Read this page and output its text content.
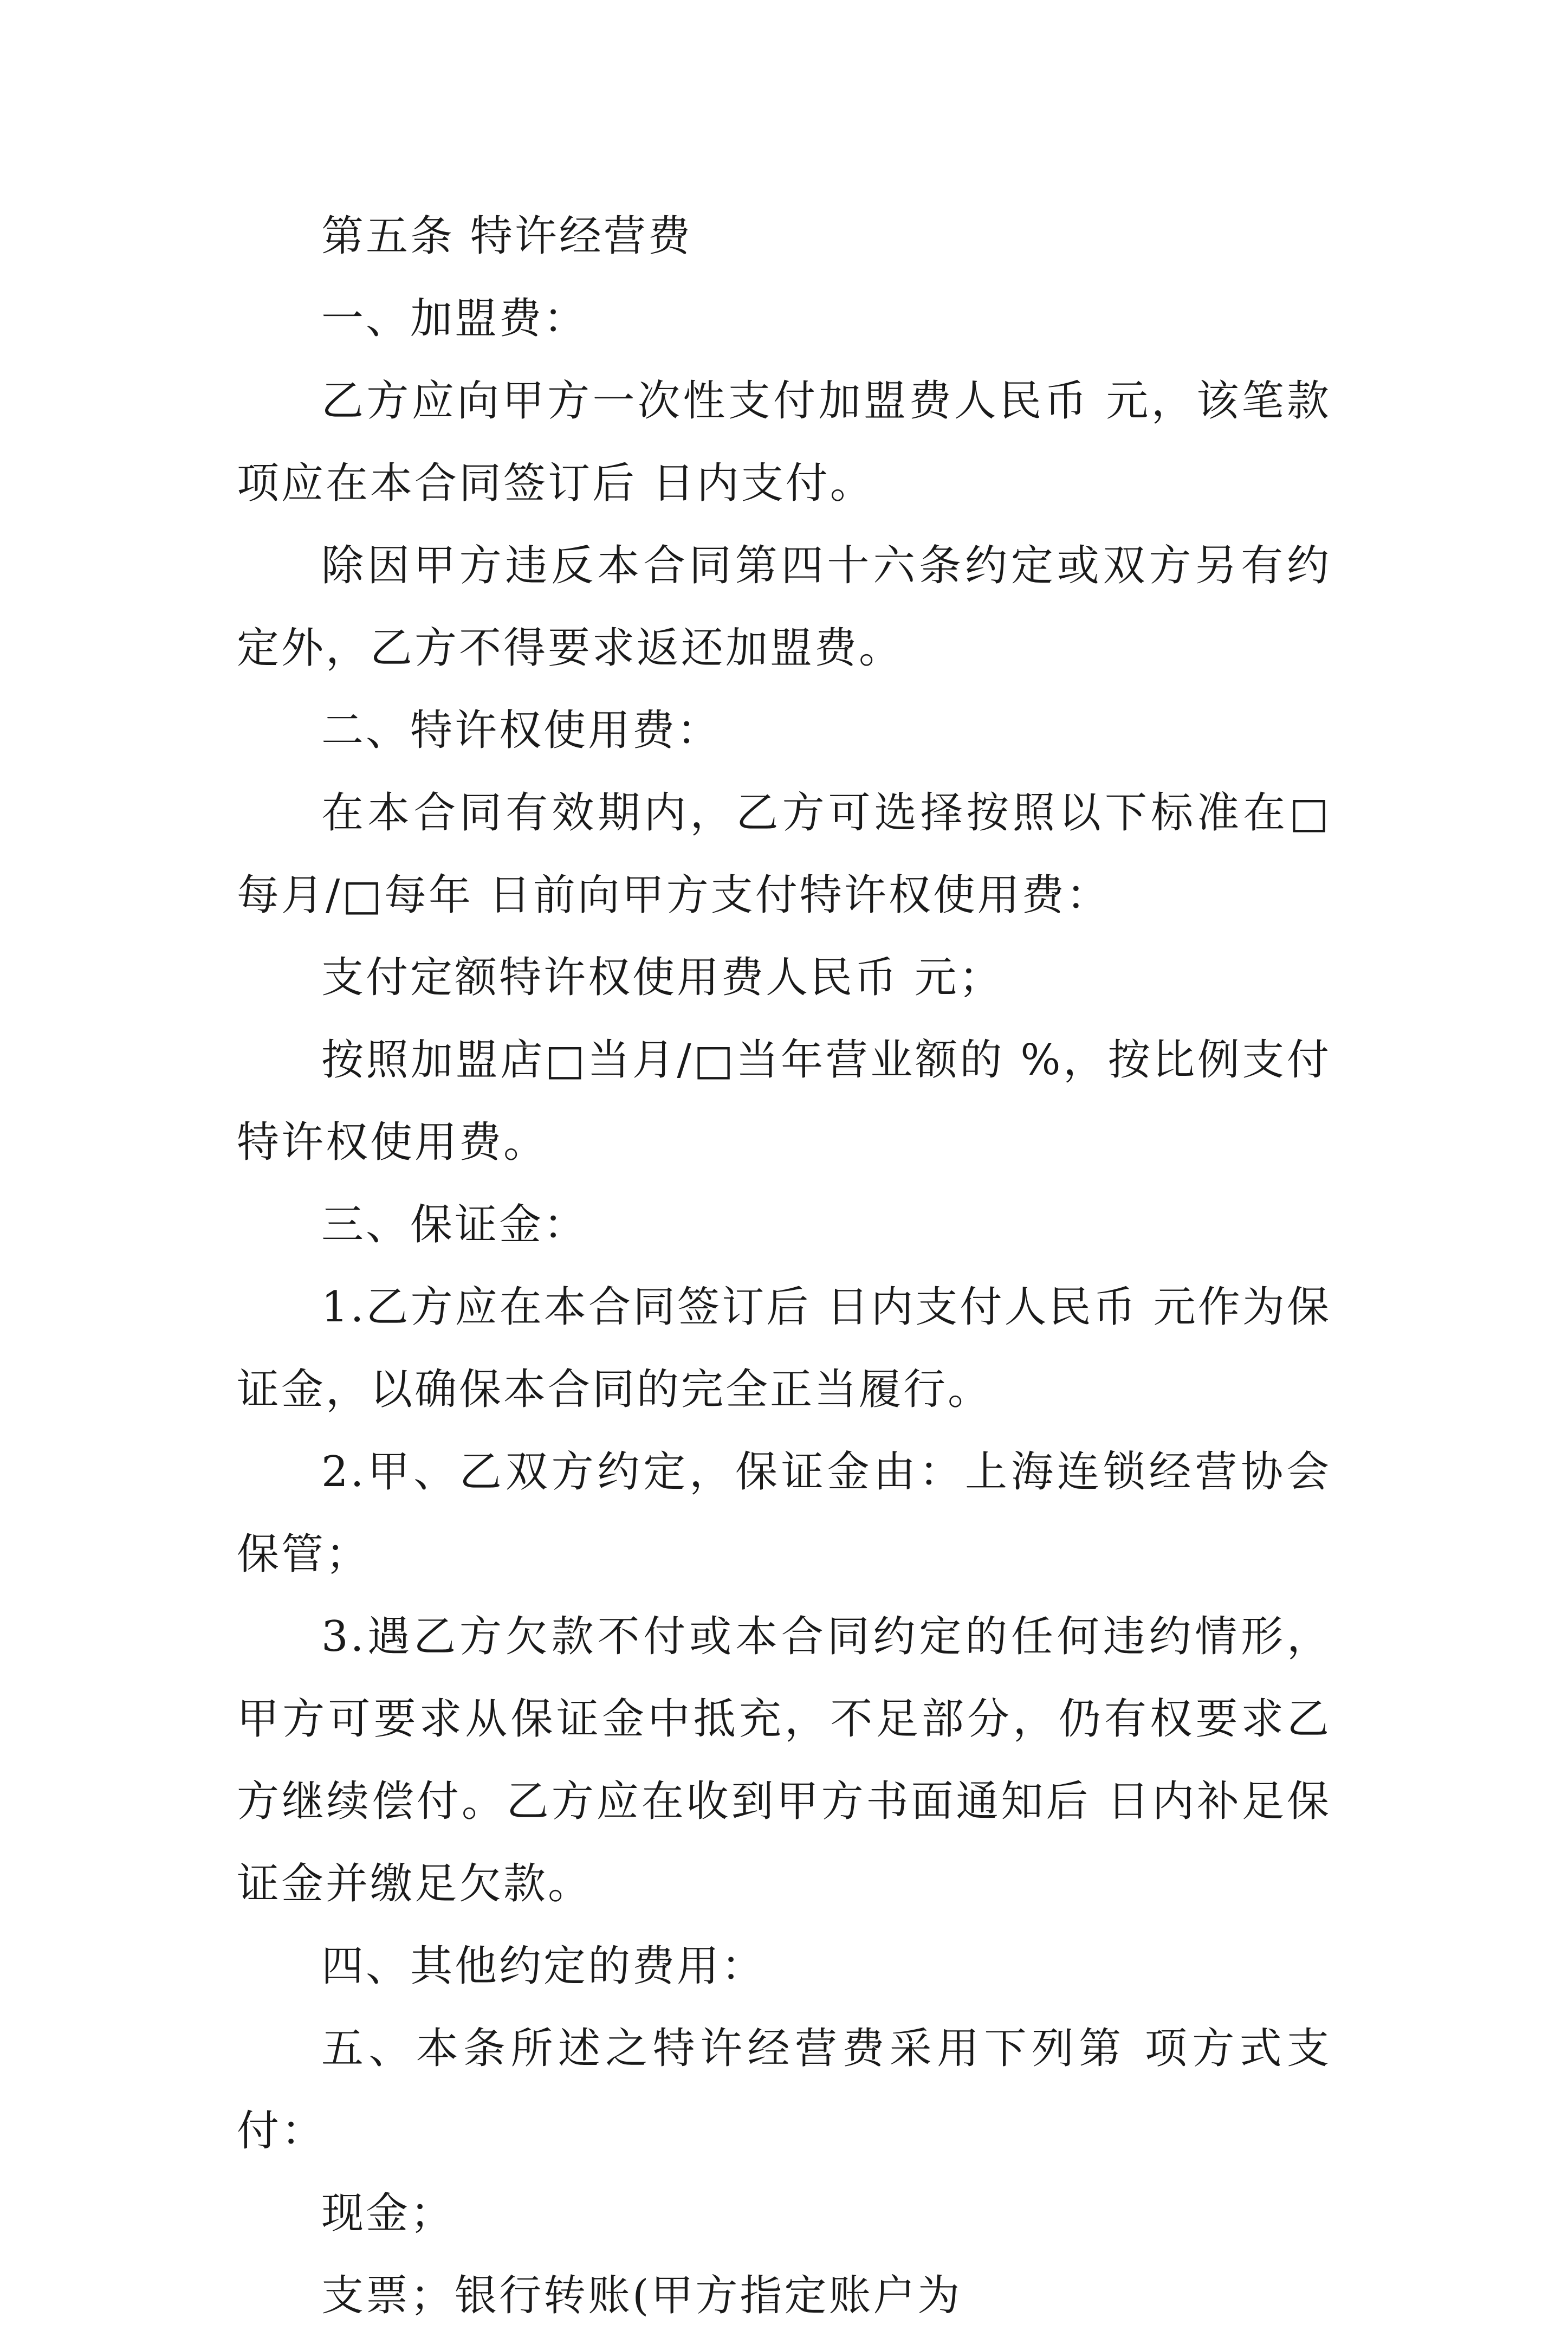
第五条 特许经营费

一、加盟费：

乙方应向甲方一次性支付加盟费人民币 元，该笔款项应在本合同签订后 日内支付。

除因甲方违反本合同第四十六条约定或双方另有约定外，乙方不得要求返还加盟费。

二、特许权使用费：

在本合同有效期内，乙方可选择按照以下标准在□每月/□每年 日前向甲方支付特许权使用费：

支付定额特许权使用费人民币 元；

按照加盟店□当月/□当年营业额的 %，按比例支付特许权使用费。

三、保证金：

1.乙方应在本合同签订后 日内支付人民币 元作为保证金，以确保本合同的完全正当履行。

2.甲、乙双方约定，保证金由：上海连锁经营协会保管；

3.遇乙方欠款不付或本合同约定的任何违约情形，甲方可要求从保证金中抵充，不足部分，仍有权要求乙方继续偿付。乙方应在收到甲方书面通知后 日内补足保证金并缴足欠款。

四、其他约定的费用：

五、本条所述之特许经营费采用下列第 项方式支付：

现金；

支票；银行转账(甲方指定账户为
